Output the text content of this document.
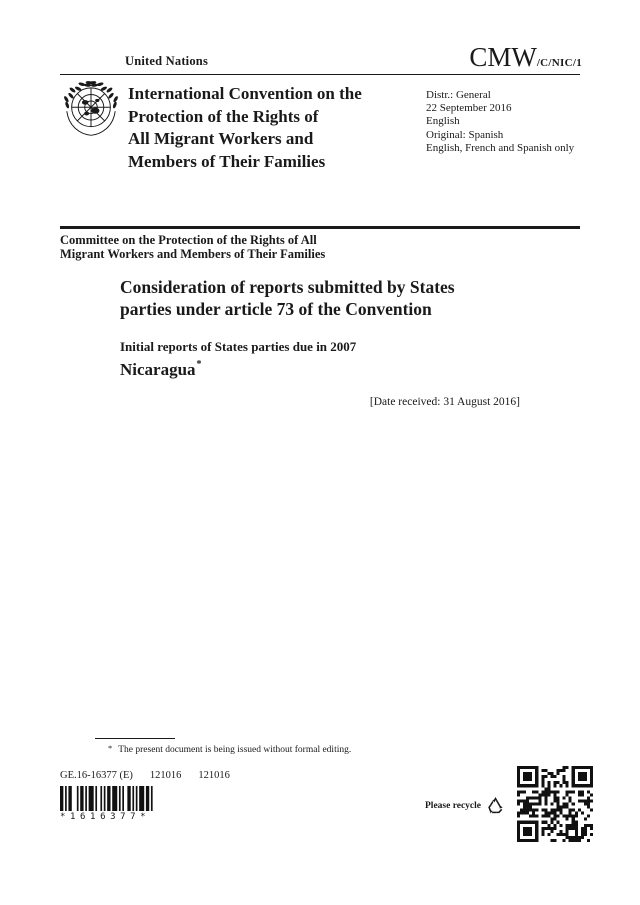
United Nations	CMW/C/NIC/1
International Convention on the
Protection of the Rights of
All Migrant Workers and
Members of Their Families
Distr.: General
22 September 2016
English
Original: Spanish
English, French and Spanish only
Committee on the Protection of the Rights of All
Migrant Workers and Members of Their Families
Consideration of reports submitted by States
parties under article 73 of the Convention
Initial reports of States parties due in 2007
Nicaragua*
[Date received: 31 August 2016]
* The present document is being issued without formal editing.
GE.16-16377 (E) 121016 121016
*1616377*
Please recycle
